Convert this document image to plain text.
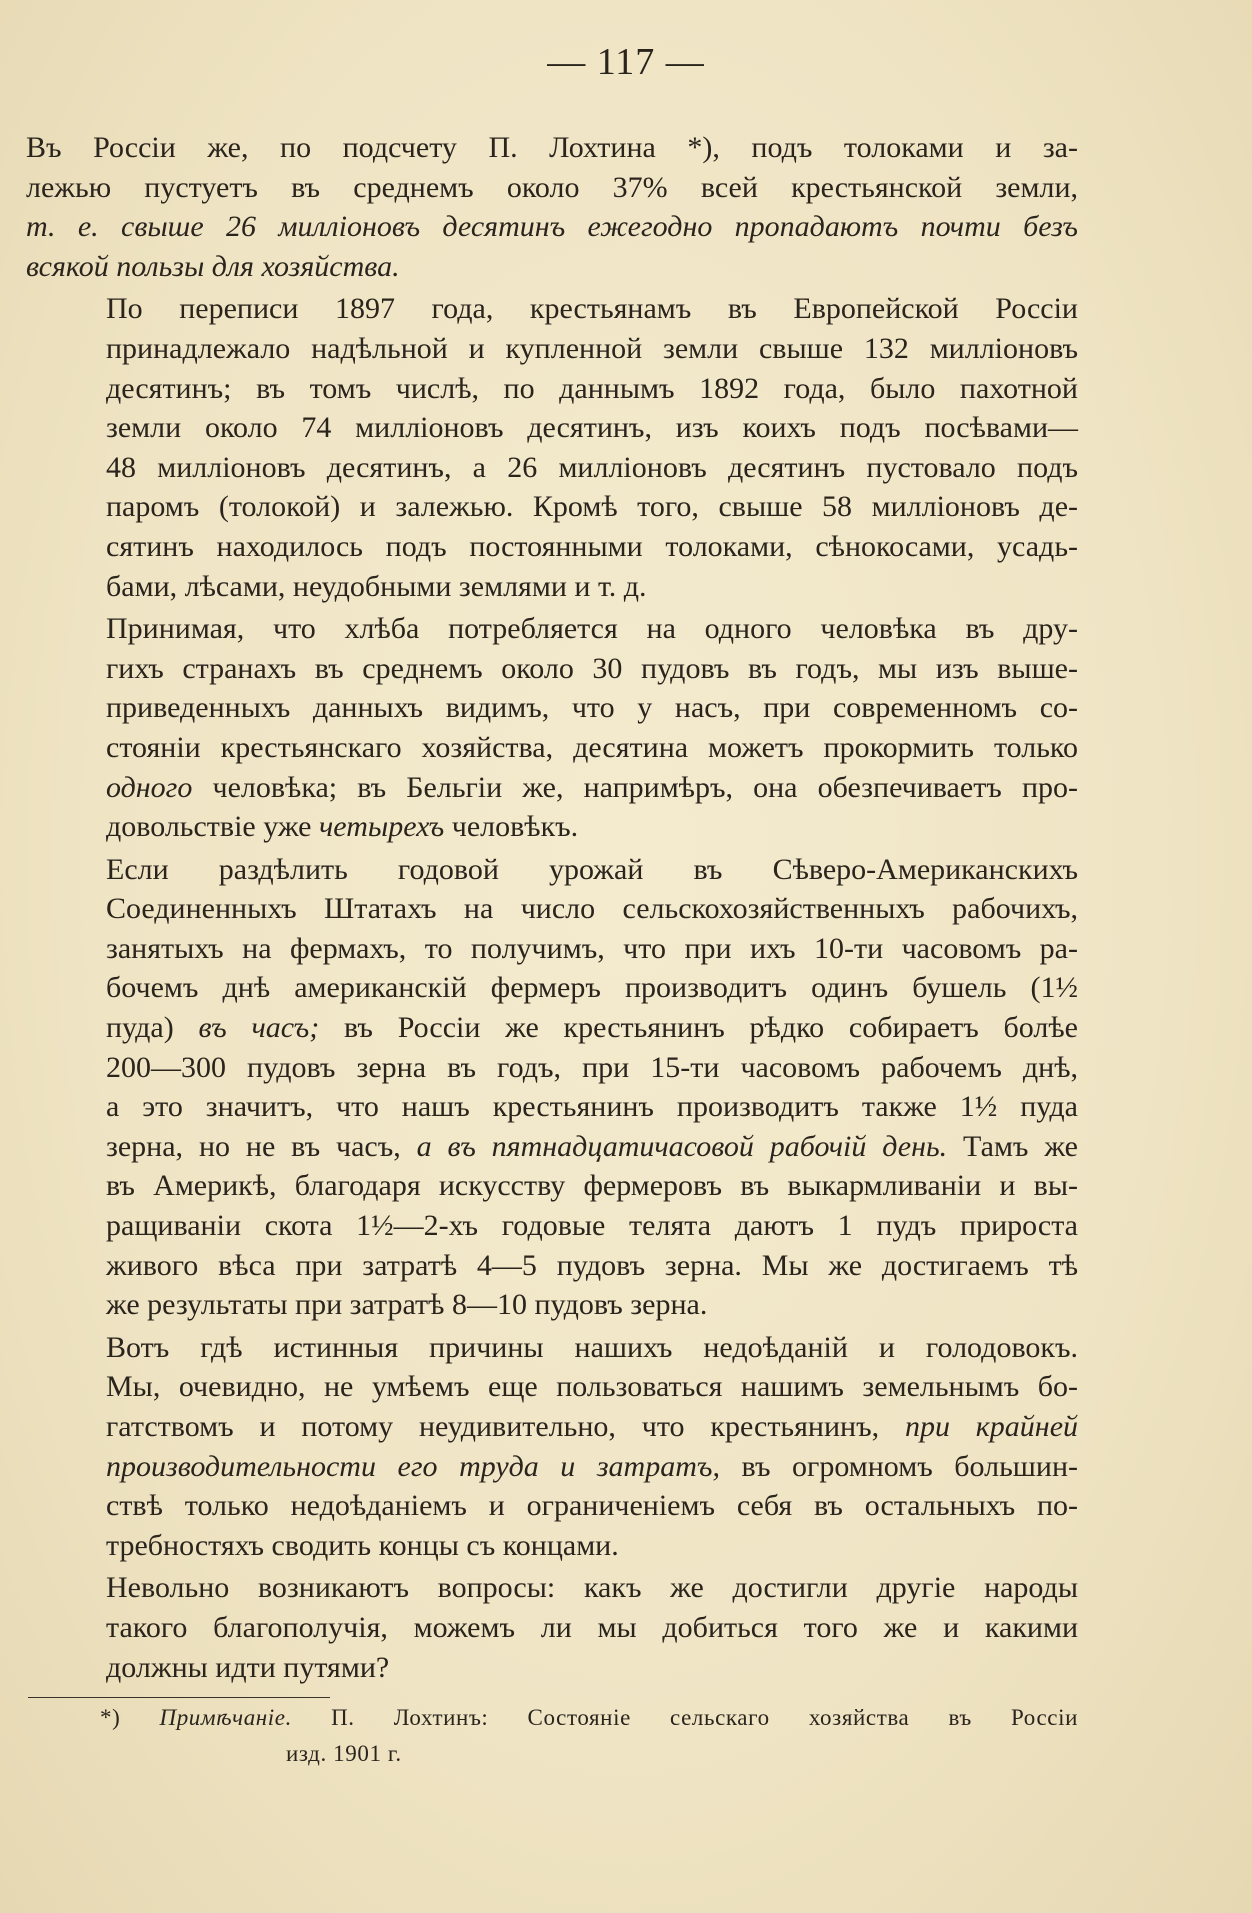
— 117 —

Въ Россіи же, по подсчету П. Лохтина *), подъ толоками и за-
лежью пустуетъ въ среднемъ около 37% всей крестьянской земли,
т. е. свыше 26 милліоновъ десятинъ ежегодно пропадаютъ почти безъ
всякой пользы для хозяйства.

По переписи 1897 года, крестьянамъ въ Европейской Россіи
принадлежало надѣльной и купленной земли свыше 132 милліоновъ
десятинъ; въ томъ числѣ, по даннымъ 1892 года, было пахотной
земли около 74 милліоновъ десятинъ, изъ коихъ подъ посѣвами—
48 милліоновъ десятинъ, а 26 милліоновъ десятинъ пустовало подъ
паромъ (толокой) и залежью. Кромѣ того, свыше 58 милліоновъ де-
сятинъ находилось подъ постоянными толоками, сѣнокосами, усадь-
бами, лѣсами, неудобными землями и т. д.

Принимая, что хлѣба потребляется на одного человѣка въ дру-
гихъ странахъ въ среднемъ около 30 пудовъ въ годъ, мы изъ выше-
приведенныхъ данныхъ видимъ, что у насъ, при современномъ со-
стояніи крестьянскаго хозяйства, десятина можетъ прокормить только
одного человѣка; въ Бельгіи же, напримѣръ, она обезпечиваетъ про-
довольствіе уже четырехъ человѣкъ.

Если раздѣлить годовой урожай въ Сѣверо-Американскихъ
Соединенныхъ Штатахъ на число сельскохозяйственныхъ рабочихъ,
занятыхъ на фермахъ, то получимъ, что при ихъ 10-ти часовомъ ра-
бочемъ днѣ американскій фермеръ производитъ одинъ бушель (1½
пуда) въ часъ; въ Россіи же крестьянинъ рѣдко собираетъ болѣе
200—300 пудовъ зерна въ годъ, при 15-ти часовомъ рабочемъ днѣ,
а это значитъ, что нашъ крестьянинъ производитъ также 1½ пуда
зерна, но не въ часъ, а въ пятнадцатичасовой рабочій день. Тамъ же
въ Америкѣ, благодаря искусству фермеровъ въ выкармливаніи и вы-
ращиваніи скота 1½—2-хъ годовые телята даютъ 1 пудъ прироста
живого вѣса при затратѣ 4—5 пудовъ зерна. Мы же достигаемъ тѣ
же результаты при затратѣ 8—10 пудовъ зерна.

Вотъ гдѣ истинныя причины нашихъ недоѣданій и голодовокъ.
Мы, очевидно, не умѣемъ еще пользоваться нашимъ земельнымъ бо-
гатствомъ и потому неудивительно, что крестьянинъ, при крайней
производительности его труда и затратъ, въ огромномъ большин-
ствѣ только недоѣданіемъ и ограниченіемъ себя въ остальныхъ по-
требностяхъ сводить концы съ концами.

Невольно возникаютъ вопросы: какъ же достигли другіе народы
такого благополучія, можемъ ли мы добиться того же и какими
должны идти путями?

*) Примѣчаніе. П. Лохтинъ: Состояніе сельскаго хозяйства въ Россіи
изд. 1901 г.
